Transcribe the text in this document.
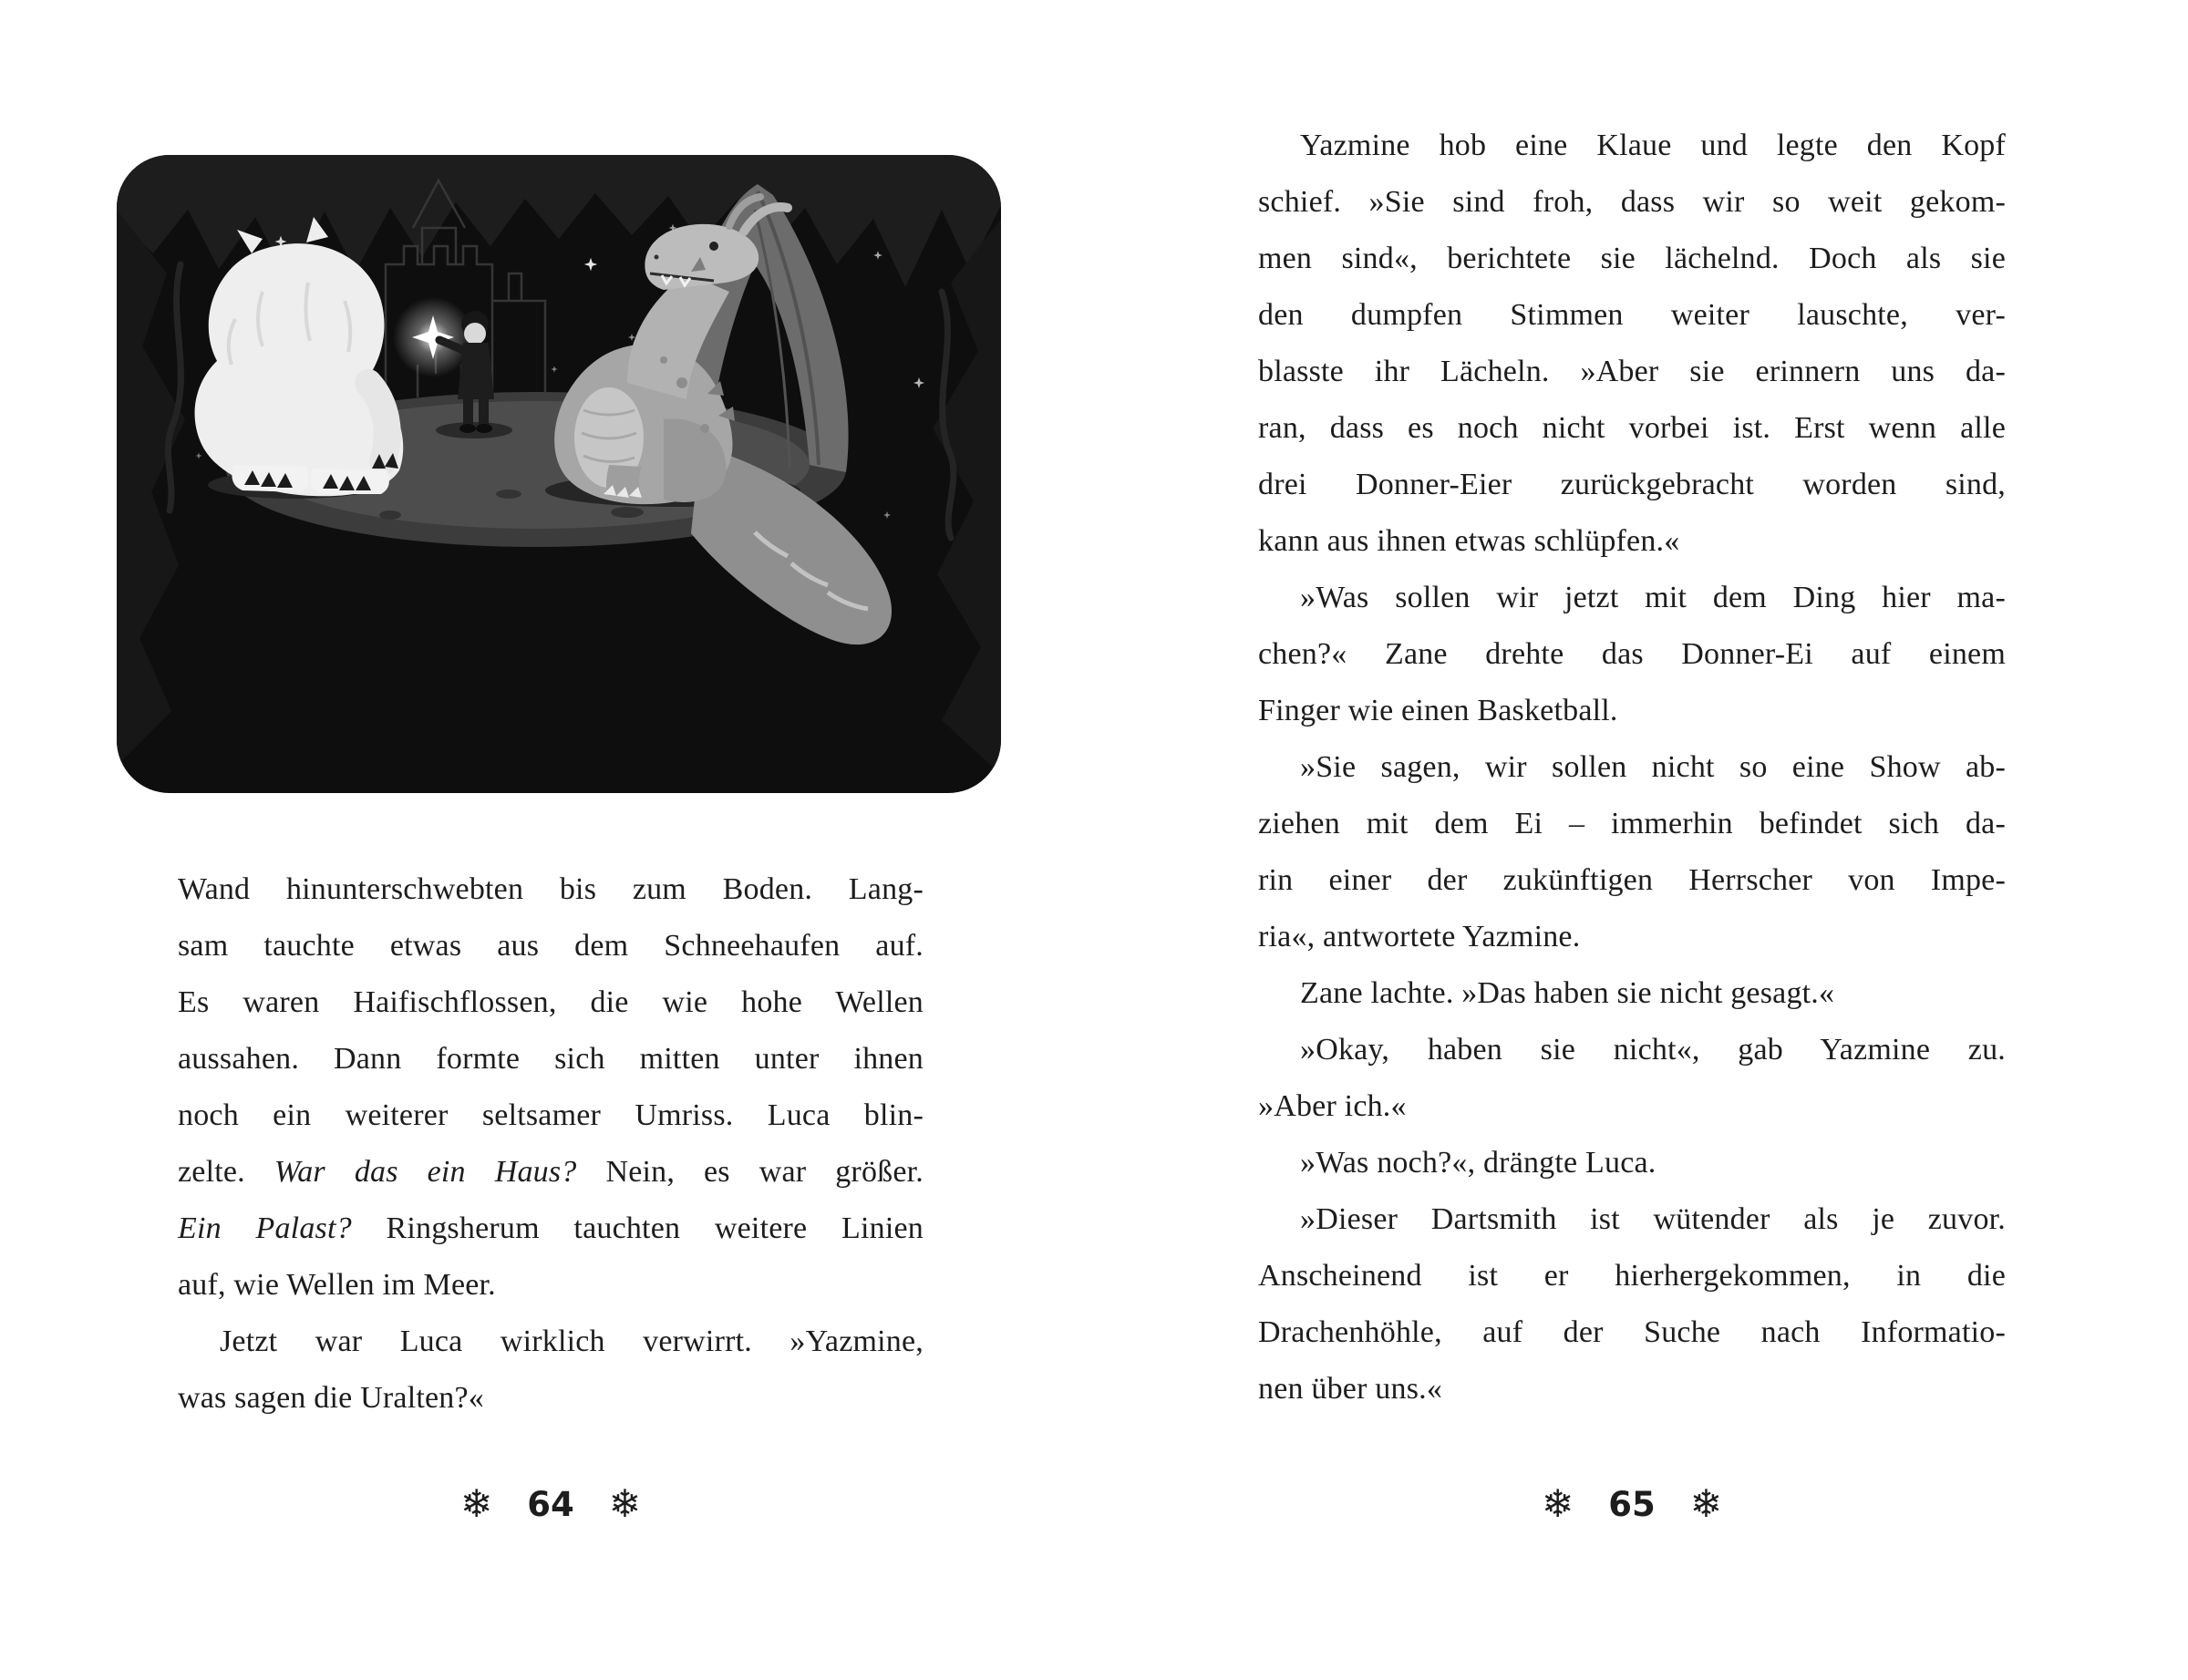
Wand hinunterschwebten bis zum Boden. Lang-
sam tauchte etwas aus dem Schneehaufen auf.
Es waren Haifischflossen, die wie hohe Wellen
aussahen. Dann formte sich mitten unter ihnen
noch ein weiterer seltsamer Umriss. Luca blin-
zelte. War das ein Haus? Nein, es war größer.
Ein Palast? Ringsherum tauchten weitere Linien
auf, wie Wellen im Meer.
Jetzt war Luca wirklich verwirrt. »Yazmine,
was sagen die Uralten?«
❄ 64 ❄
Yazmine hob eine Klaue und legte den Kopf
schief. »Sie sind froh, dass wir so weit gekom-
men sind«, berichtete sie lächelnd. Doch als sie
den dumpfen Stimmen weiter lauschte, ver-
blasste ihr Lächeln. »Aber sie erinnern uns da-
ran, dass es noch nicht vorbei ist. Erst wenn alle
drei Donner-Eier zurückgebracht worden sind,
kann aus ihnen etwas schlüpfen.«
»Was sollen wir jetzt mit dem Ding hier ma-
chen?« Zane drehte das Donner-Ei auf einem
Finger wie einen Basketball.
»Sie sagen, wir sollen nicht so eine Show ab-
ziehen mit dem Ei – immerhin befindet sich da-
rin einer der zukünftigen Herrscher von Impe-
ria«, antwortete Yazmine.
Zane lachte. »Das haben sie nicht gesagt.«
»Okay, haben sie nicht«, gab Yazmine zu.
»Aber ich.«
»Was noch?«, drängte Luca.
»Dieser Dartsmith ist wütender als je zuvor.
Anscheinend ist er hierhergekommen, in die
Drachenhöhle, auf der Suche nach Informatio-
nen über uns.«
❄ 65 ❄
